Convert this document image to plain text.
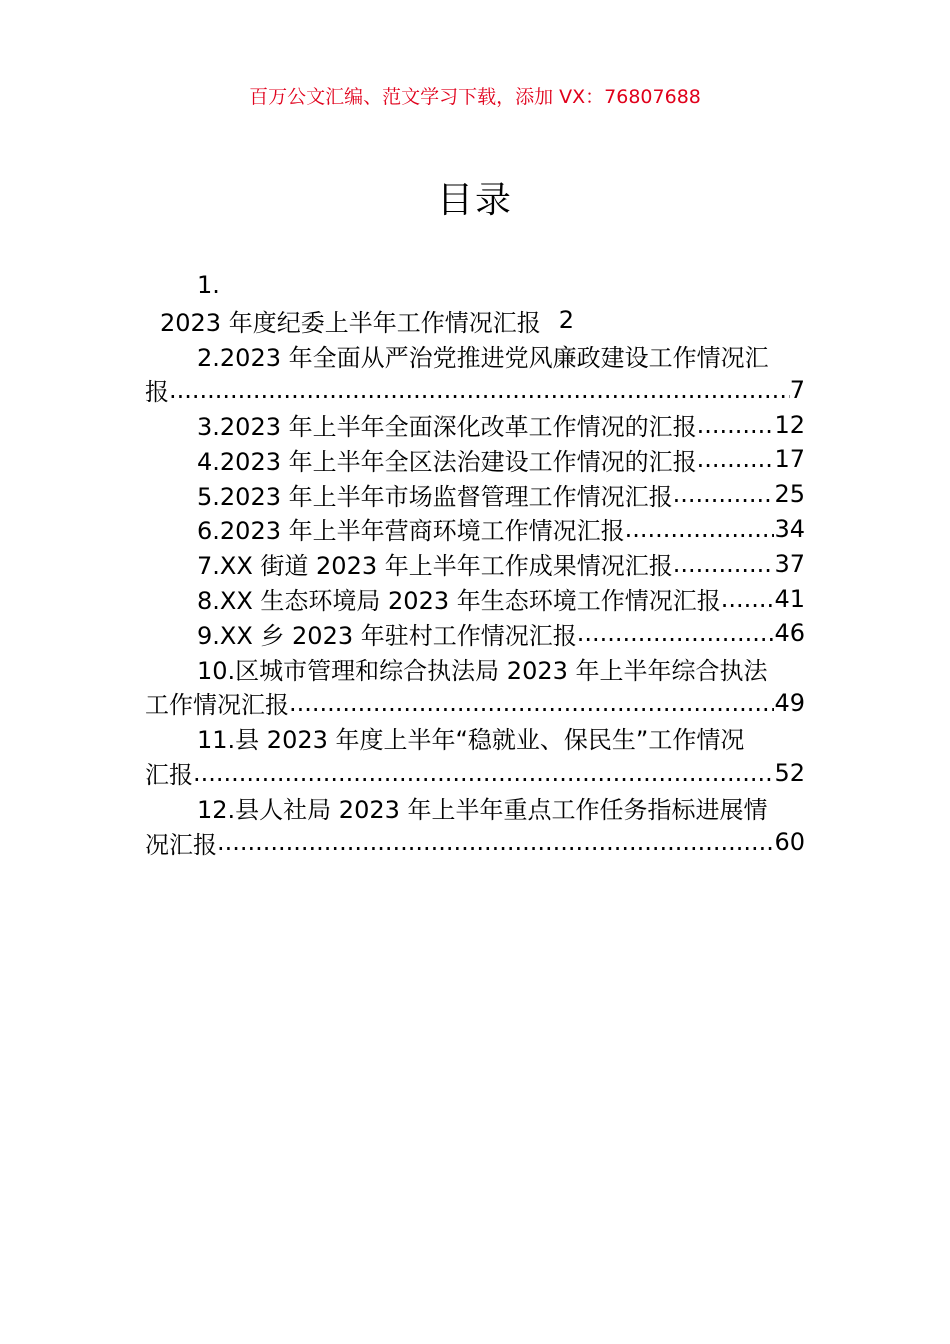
百万公文汇编、范文学习下载，添加 VX：76807688
目录
1.
2023 年度纪委上半年工作情况汇报 2
2.2023 年全面从严治党推进党风廉政建设工作情况汇
报 .....	7
3.2023 年上半年全面深化改革工作情况的汇报 .....	12
4.2023 年上半年全区法治建设工作情况的汇报 .....	17
5.2023 年上半年市场监督管理工作情况汇报 .....	25
6.2023 年上半年营商环境工作情况汇报 .....	34
7.XX 街道 2023 年上半年工作成果情况汇报 .....	37
8.XX 生态环境局 2023 年生态环境工作情况汇报 ..... 41
9.XX 乡 2023 年驻村工作情况汇报 .....	46
10.区城市管理和综合执法局 2023 年上半年综合执法
工作情况汇报 .....	49
11.县 2023 年度上半年“稳就业、保民生”工作情况
汇报 .....	52
12.县人社局 2023 年上半年重点工作任务指标进展情
况汇报 .....	60
